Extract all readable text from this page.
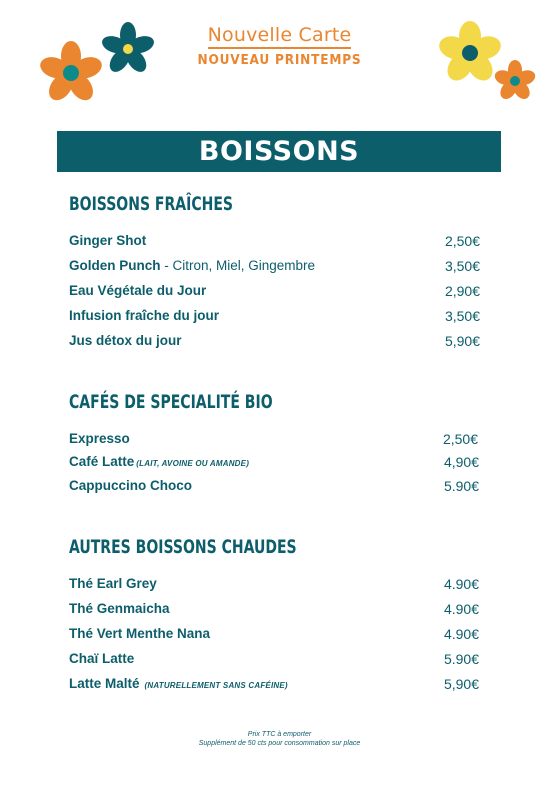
Nouvelle Carte
NOUVEAU PRINTEMPS
BOISSONS
BOISSONS FRAÎCHES
Ginger Shot	2,50€
Golden Punch - Citron, Miel, Gingembre	3,50€
Eau Végétale du Jour	2,90€
Infusion fraîche du jour	3,50€
Jus détox du jour	5,90€
CAFÉS DE SPECIALITÉ BIO
Expresso	2,50€
Café Latte (LAIT, AVOINE OU AMANDE)	4,90€
Cappuccino Choco	5.90€
AUTRES BOISSONS CHAUDES
Thé Earl Grey	4.90€
Thé Genmaicha	4.90€
Thé Vert Menthe Nana	4.90€
Chaï Latte	5.90€
Latte Malté (NATURELLEMENT SANS CAFÉINE)	5,90€
Prix TTC à emporter
Supplément de 50 cts pour consommation sur place
